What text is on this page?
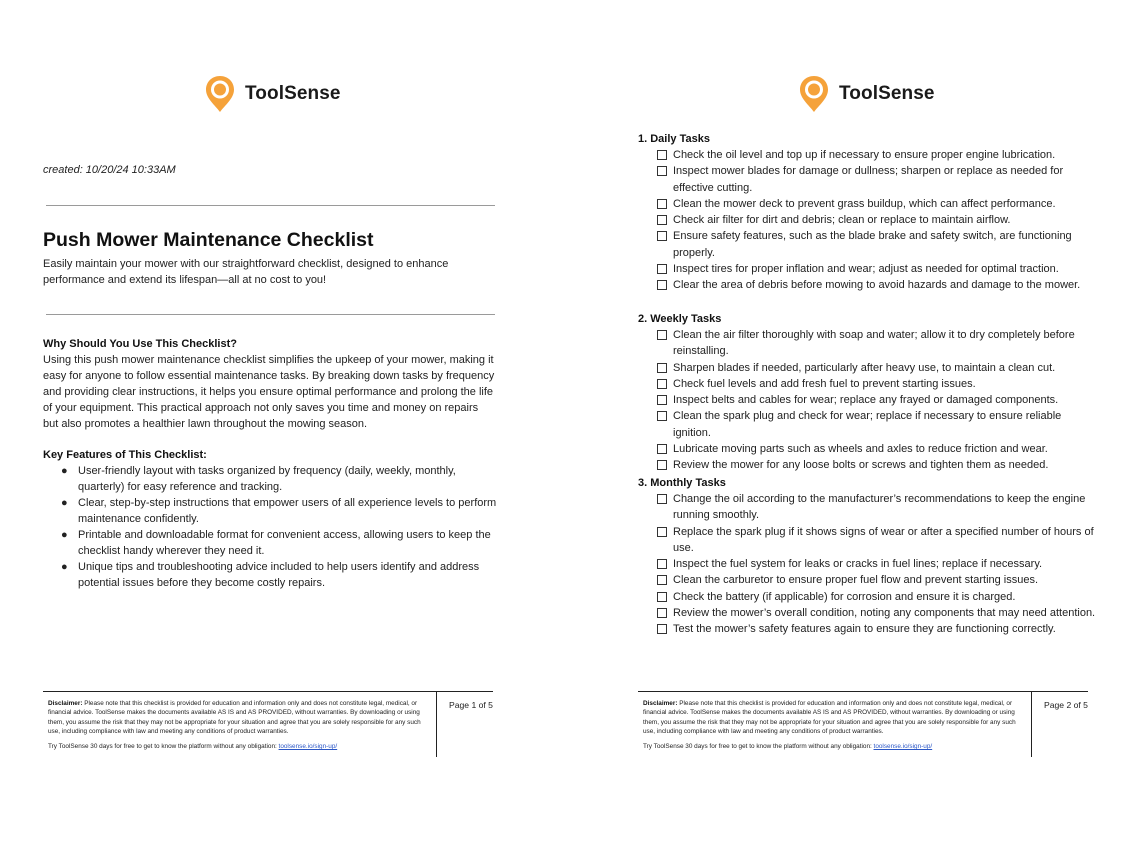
ToolSense
created: 10/20/24 10:33AM
Push Mower Maintenance Checklist

Easily maintain your mower with our straightforward checklist, designed to enhance performance and extend its lifespan—all at no cost to you!

Why Should You Use This Checklist?

Using this push mower maintenance checklist simplifies the upkeep of your mower, making it easy for anyone to follow essential maintenance tasks. By breaking down tasks by frequency and providing clear instructions, it helps you ensure optimal performance and prolong the life of your equipment. This practical approach not only saves you time and money on repairs but also promotes a healthier lawn throughout the mowing season.

Key Features of This Checklist:

● User-friendly layout with tasks organized by frequency (daily, weekly, monthly, quarterly) for easy reference and tracking.
● Clear, step-by-step instructions that empower users of all experience levels to perform maintenance confidently.
● Printable and downloadable format for convenient access, allowing users to keep the checklist handy wherever they need it.
● Unique tips and troubleshooting advice included to help users identify and address potential issues before they become costly repairs.
Disclaimer: Please note that this checklist is provided for education and information only and does not constitute legal, medical, or financial advice. ToolSense makes the documents available AS IS and AS PROVIDED, without warranties. By downloading or using them, you assume the risk that they may not be appropriate for your situation and agree that you are solely responsible for any such use, including compliance with law and meeting any conditions of product warranties.
Try ToolSense 30 days for free to get to know the platform without any obligation: toolsense.io/sign-up/
Page 1 of 5
ToolSense
1. Daily Tasks
Check the oil level and top up if necessary to ensure proper engine lubrication.
Inspect mower blades for damage or dullness; sharpen or replace as needed for effective cutting.
Clean the mower deck to prevent grass buildup, which can affect performance.
Check air filter for dirt and debris; clean or replace to maintain airflow.
Ensure safety features, such as the blade brake and safety switch, are functioning properly.
Inspect tires for proper inflation and wear; adjust as needed for optimal traction.
Clear the area of debris before mowing to avoid hazards and damage to the mower.
2. Weekly Tasks
Clean the air filter thoroughly with soap and water; allow it to dry completely before reinstalling.
Sharpen blades if needed, particularly after heavy use, to maintain a clean cut.
Check fuel levels and add fresh fuel to prevent starting issues.
Inspect belts and cables for wear; replace any frayed or damaged components.
Clean the spark plug and check for wear; replace if necessary to ensure reliable ignition.
Lubricate moving parts such as wheels and axles to reduce friction and wear.
Review the mower for any loose bolts or screws and tighten them as needed.
3. Monthly Tasks
Change the oil according to the manufacturer’s recommendations to keep the engine running smoothly.
Replace the spark plug if it shows signs of wear or after a specified number of hours of use.
Inspect the fuel system for leaks or cracks in fuel lines; replace if necessary.
Clean the carburetor to ensure proper fuel flow and prevent starting issues.
Check the battery (if applicable) for corrosion and ensure it is charged.
Review the mower’s overall condition, noting any components that may need attention.
Test the mower’s safety features again to ensure they are functioning correctly.
Disclaimer: Please note that this checklist is provided for education and information only and does not constitute legal, medical, or financial advice. ToolSense makes the documents available AS IS and AS PROVIDED, without warranties. By downloading or using them, you assume the risk that they may not be appropriate for your situation and agree that you are solely responsible for any such use, including compliance with law and meeting any conditions of product warranties.
Try ToolSense 30 days for free to get to know the platform without any obligation: toolsense.io/sign-up/
Page 2 of 5
